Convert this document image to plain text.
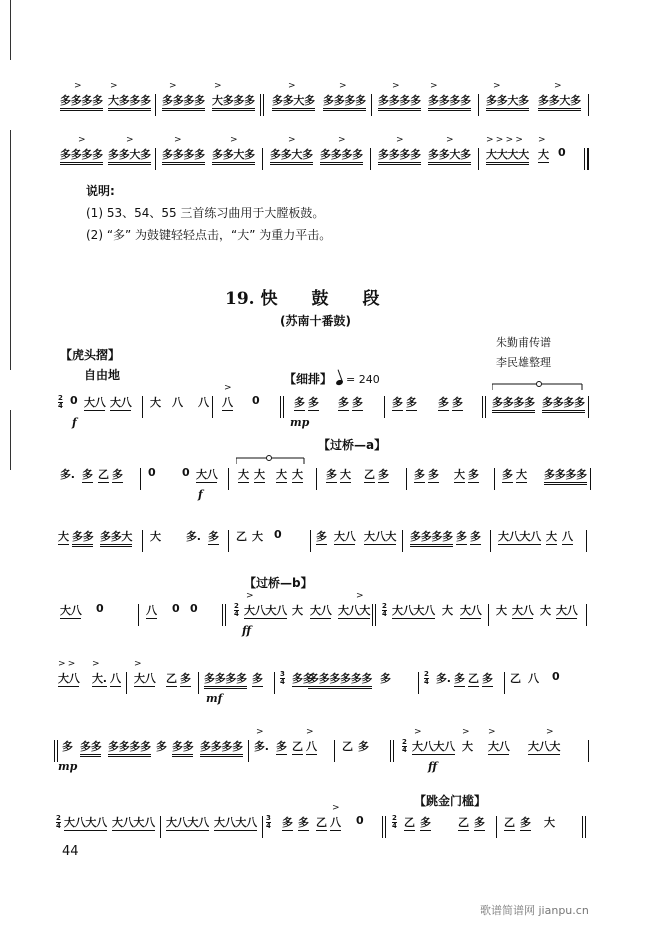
>
多多多多
>
大多多多
>
多多多多
>
大多多多
>
多多大多
>
多多多多
>
多多多多
>
多多多多
>
多多大多
>
多多大多
>
多多多多
>
多多大多
>
多多多多
>
多多大多
>
多多大多
>
多多多多
>
多多多多
>
多多大多
> > > >
大大大大
>
大 0
说明:
(1) 53、54、55 三首练习曲用于大膛板鼓。
(2) “多” 为鼓键轻轻点击，“大” 为重力平击。
19. 快　　鼓　　段
(苏南十番鼓)
朱勤甫传谱
李民雄整理
【虎头摺】
自由地	【细排】 = 240
2
4 0 大八 大八
f
大 八 八
>
八 0	多 多
mp
多 多	多 多 多 多	多多多多 多多多多
【过桥—a】
多. 多 乙 多 0 0 大八
f
大 大 大 大 多 大 乙 多 多 多 大 多 多 大 多多多多
大 多多 多多大 大 多. 多 乙 大 0	多 大八 大八大 多多多多 多 多 大八大八 大 八
【过桥—b】
大八 0	八 0 0	2
4
>
大八大八
ff
大 大八
>
大八大 2
4 大八大八 大 大八 大 大八 大 大八
> >
大八
>
大. 八
>
大八 乙 多 多多多多 多
mf
3
4 多多
多多多 多多多 多	2
4 多. 多 乙 多 乙 八 0
多 多多 多多多多
mp
多 多多 多多多多
>
多. 多 乙
>
八 乙 多	2
4
>
大八大八
ff
>
大
>
大八
>
大八大
【跳金门槛】
2
4 大八大八 大八大八 大八大八 大八大八 3
4 多 多 乙
>
八 0	2
4 乙 多 乙 多 乙 多 大
44
歌谱简谱网 jianpu.cn
